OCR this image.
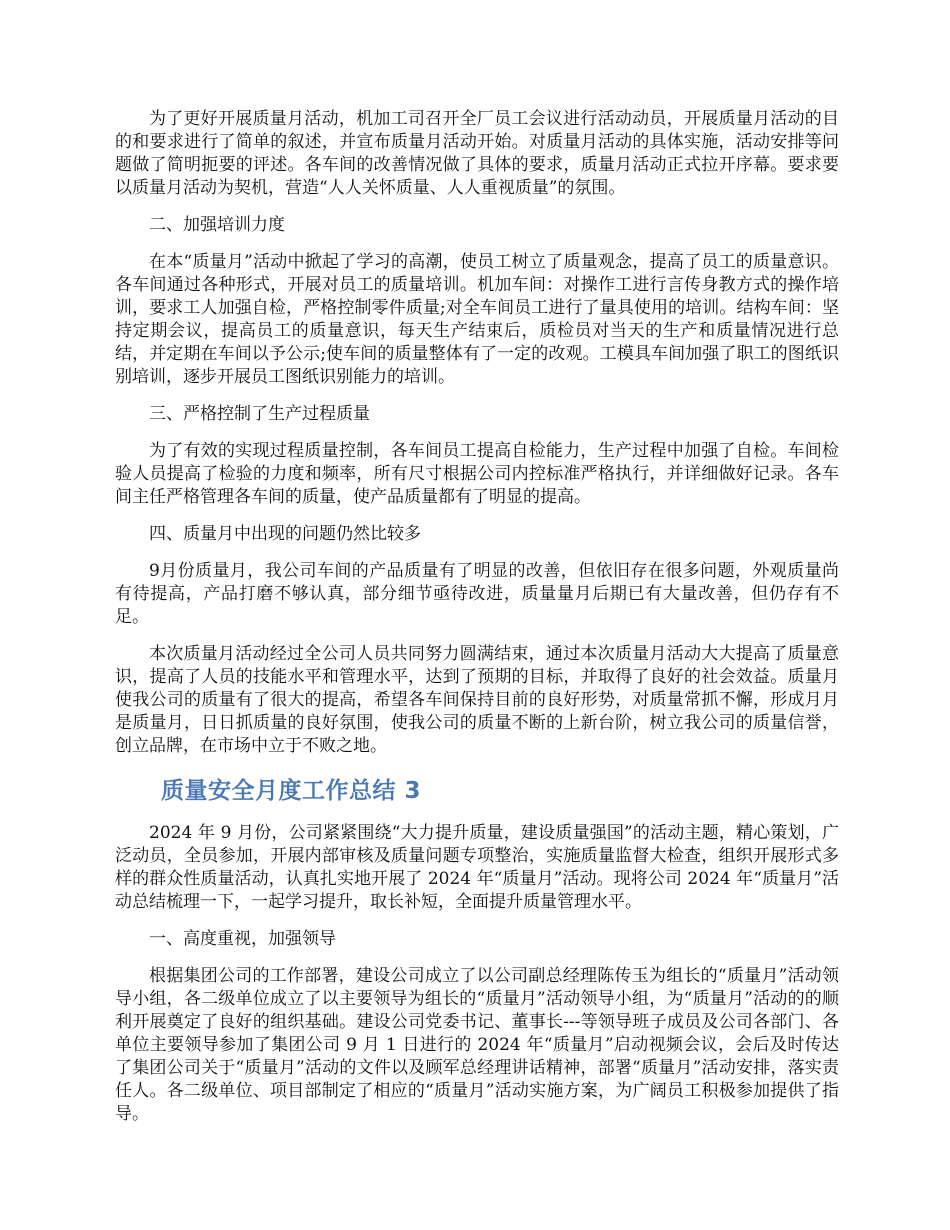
为了更好开展质量月活动，机加工司召开全厂员工会议进行活动动员，开展质量月活动的目的和要求进行了简单的叙述，并宣布质量月活动开始。对质量月活动的具体实施，活动安排等问题做了简明扼要的评述。各车间的改善情况做了具体的要求，质量月活动正式拉开序幕。要求要以质量月活动为契机，营造“人人关怀质量、人人重视质量”的氛围。

二、加强培训力度

在本“质量月”活动中掀起了学习的高潮，使员工树立了质量观念，提高了员工的质量意识。各车间通过各种形式，开展对员工的质量培训。机加车间：对操作工进行言传身教方式的操作培训，要求工人加强自检，严格控制零件质量;对全车间员工进行了量具使用的培训。结构车间：坚持定期会议，提高员工的质量意识，每天生产结束后，质检员对当天的生产和质量情况进行总结，并定期在车间以予公示;使车间的质量整体有了一定的改观。工模具车间加强了职工的图纸识别培训，逐步开展员工图纸识别能力的培训。

三、严格控制了生产过程质量

为了有效的实现过程质量控制，各车间员工提高自检能力，生产过程中加强了自检。车间检验人员提高了检验的力度和频率，所有尺寸根据公司内控标准严格执行，并详细做好记录。各车间主任严格管理各车间的质量，使产品质量都有了明显的提高。

四、质量月中出现的问题仍然比较多

9月份质量月，我公司车间的产品质量有了明显的改善，但依旧存在很多问题，外观质量尚有待提高，产品打磨不够认真，部分细节亟待改进，质量量月后期已有大量改善，但仍存有不足。

本次质量月活动经过全公司人员共同努力圆满结束，通过本次质量月活动大大提高了质量意识，提高了人员的技能水平和管理水平，达到了预期的目标，并取得了良好的社会效益。质量月使我公司的质量有了很大的提高，希望各车间保持目前的良好形势，对质量常抓不懈，形成月月是质量月，日日抓质量的良好氛围，使我公司的质量不断的上新台阶，树立我公司的质量信誉，创立品牌，在市场中立于不败之地。

质量安全月度工作总结 3

2024 年 9 月份，公司紧紧围绕“大力提升质量，建设质量强国”的活动主题，精心策划，广泛动员，全员参加，开展内部审核及质量问题专项整治，实施质量监督大检查，组织开展形式多样的群众性质量活动，认真扎实地开展了 2024 年“质量月”活动。现将公司 2024 年“质量月”活动总结梳理一下，一起学习提升，取长补短，全面提升质量管理水平。

一、高度重视，加强领导

根据集团公司的工作部署，建设公司成立了以公司副总经理陈传玉为组长的“质量月”活动领导小组，各二级单位成立了以主要领导为组长的“质量月”活动领导小组，为“质量月”活动的的顺利开展奠定了良好的组织基础。建设公司党委书记、董事长---等领导班子成员及公司各部门、各单位主要领导参加了集团公司 9 月 1 日进行的 2024 年“质量月”启动视频会议，会后及时传达了集团公司关于“质量月”活动的文件以及顾军总经理讲话精神，部署“质量月”活动安排，落实责任人。各二级单位、项目部制定了相应的“质量月”活动实施方案，为广阔员工积极参加提供了指导。
